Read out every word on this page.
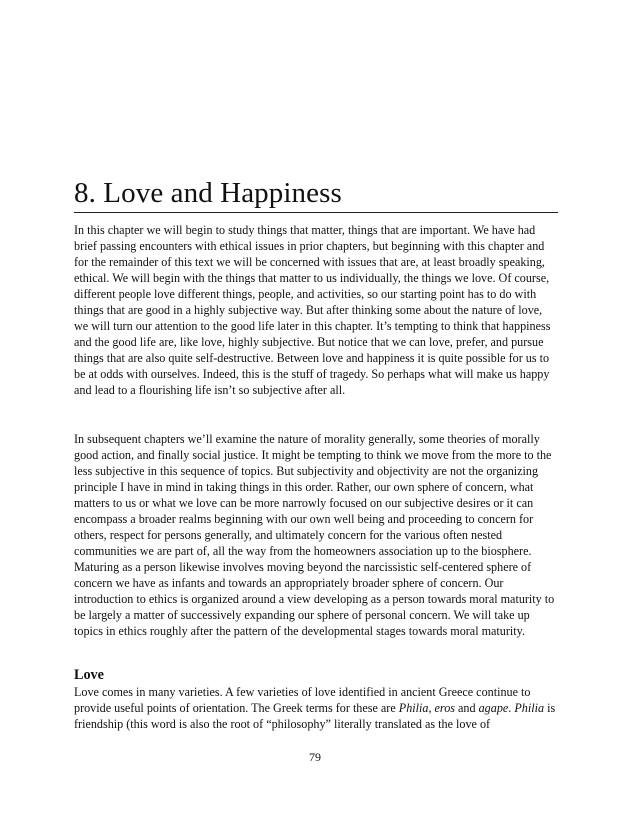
8. Love and Happiness

In this chapter we will begin to study things that matter, things that are important. We have had brief passing encounters with ethical issues in prior chapters, but beginning with this chapter and for the remainder of this text we will be concerned with issues that are, at least broadly speaking, ethical. We will begin with the things that matter to us individually, the things we love. Of course, different people love different things, people, and activities, so our starting point has to do with things that are good in a highly subjective way. But after thinking some about the nature of love, we will turn our attention to the good life later in this chapter. It’s tempting to think that happiness and the good life are, like love, highly subjective. But notice that we can love, prefer, and pursue things that are also quite self-destructive. Between love and happiness it is quite possible for us to be at odds with ourselves. Indeed, this is the stuff of tragedy. So perhaps what will make us happy and lead to a flourishing life isn’t so subjective after all.

In subsequent chapters we’ll examine the nature of morality generally, some theories of morally good action, and finally social justice. It might be tempting to think we move from the more to the less subjective in this sequence of topics. But subjectivity and objectivity are not the organizing principle I have in mind in taking things in this order. Rather, our own sphere of concern, what matters to us or what we love can be more narrowly focused on our subjective desires or it can encompass a broader realms beginning with our own well being and proceeding to concern for others, respect for persons generally, and ultimately concern for the various often nested communities we are part of, all the way from the homeowners association up to the biosphere. Maturing as a person likewise involves moving beyond the narcissistic self-centered sphere of concern we have as infants and towards an appropriately broader sphere of concern. Our introduction to ethics is organized around a view developing as a person towards moral maturity to be largely a matter of successively expanding our sphere of personal concern. We will take up topics in ethics roughly after the pattern of the developmental stages towards moral maturity.

Love

Love comes in many varieties. A few varieties of love identified in ancient Greece continue to provide useful points of orientation. The Greek terms for these are Philia, eros and agape. Philia is friendship (this word is also the root of “philosophy” literally translated as the love of

79
